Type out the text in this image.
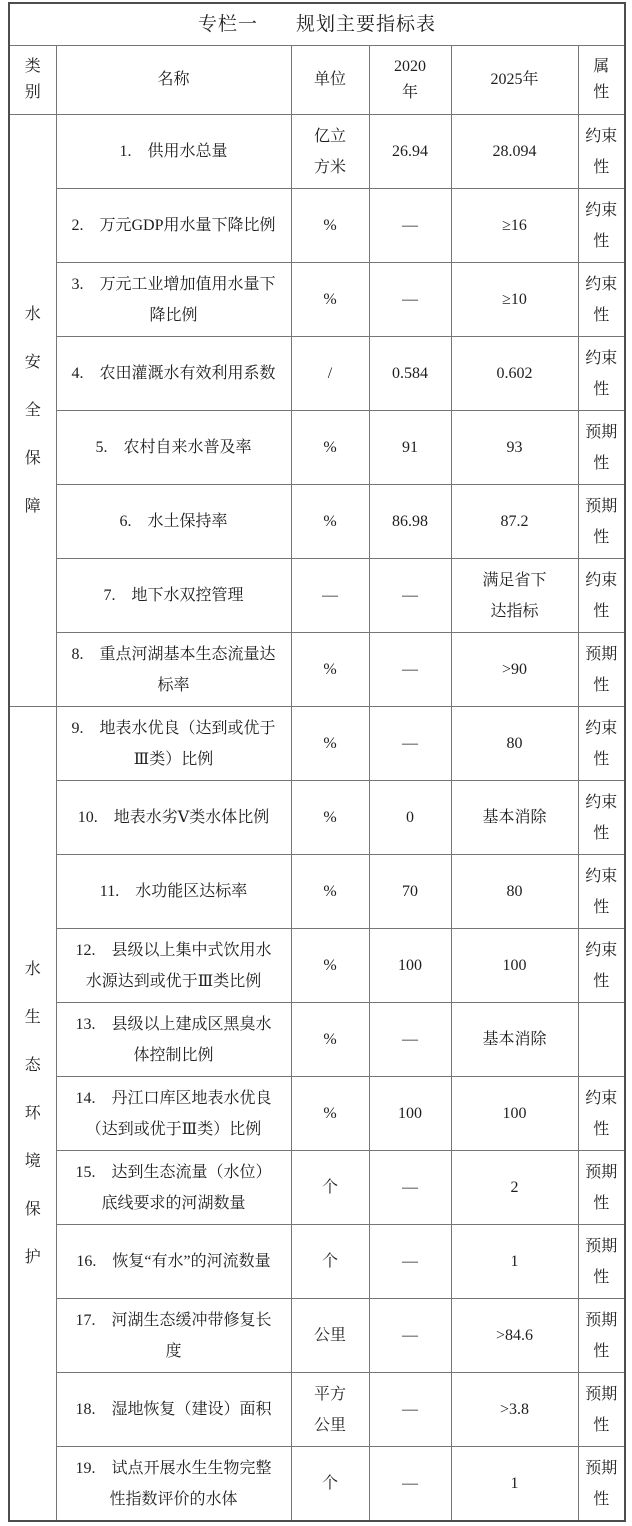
专栏一 规划主要指标表					
类别	名称	单位	2020年	2025年	属性
水安全保障	1.　供用水总量	亿立方米	26.94	28.094	约束性
	2.　万元GDP用水量下降比例	%	—	≥16	约束性
	3.　万元工业增加值用水量下降比例	%	—	≥10	约束性
	4.　农田灌溉水有效利用系数	/	0.584	0.602	约束性
	5.　农村自来水普及率	%	91	93	预期性
	6.　水土保持率	%	86.98	87.2	预期性
	7.　地下水双控管理	—	—	满足省下达指标	约束性
	8.　重点河湖基本生态流量达标率	%	—	>90	预期性
水生态环境保护	9.　地表水优良（达到或优于Ⅲ类）比例	%	—	80	约束性
	10.　地表水劣Ⅴ类水体比例	%	0	基本消除	约束性
	11.　水功能区达标率	%	70	80	约束性
	12.　县级以上集中式饮用水水源达到或优于Ⅲ类比例	%	100	100	约束性
	13.　县级以上建成区黑臭水体控制比例	%	—	基本消除	
	14.　丹江口库区地表水优良（达到或优于Ⅲ类）比例	%	100	100	约束性
	15.　达到生态流量（水位）底线要求的河湖数量	个	—	2	预期性
	16.　恢复“有水”的河流数量	个	—	1	预期性
	17.　河湖生态缓冲带修复长度	公里	—	>84.6	预期性
	18.　湿地恢复（建设）面积	平方公里	—	>3.8	预期性
	19.　试点开展水生生物完整性指数评价的水体	个	—	1	预期性
